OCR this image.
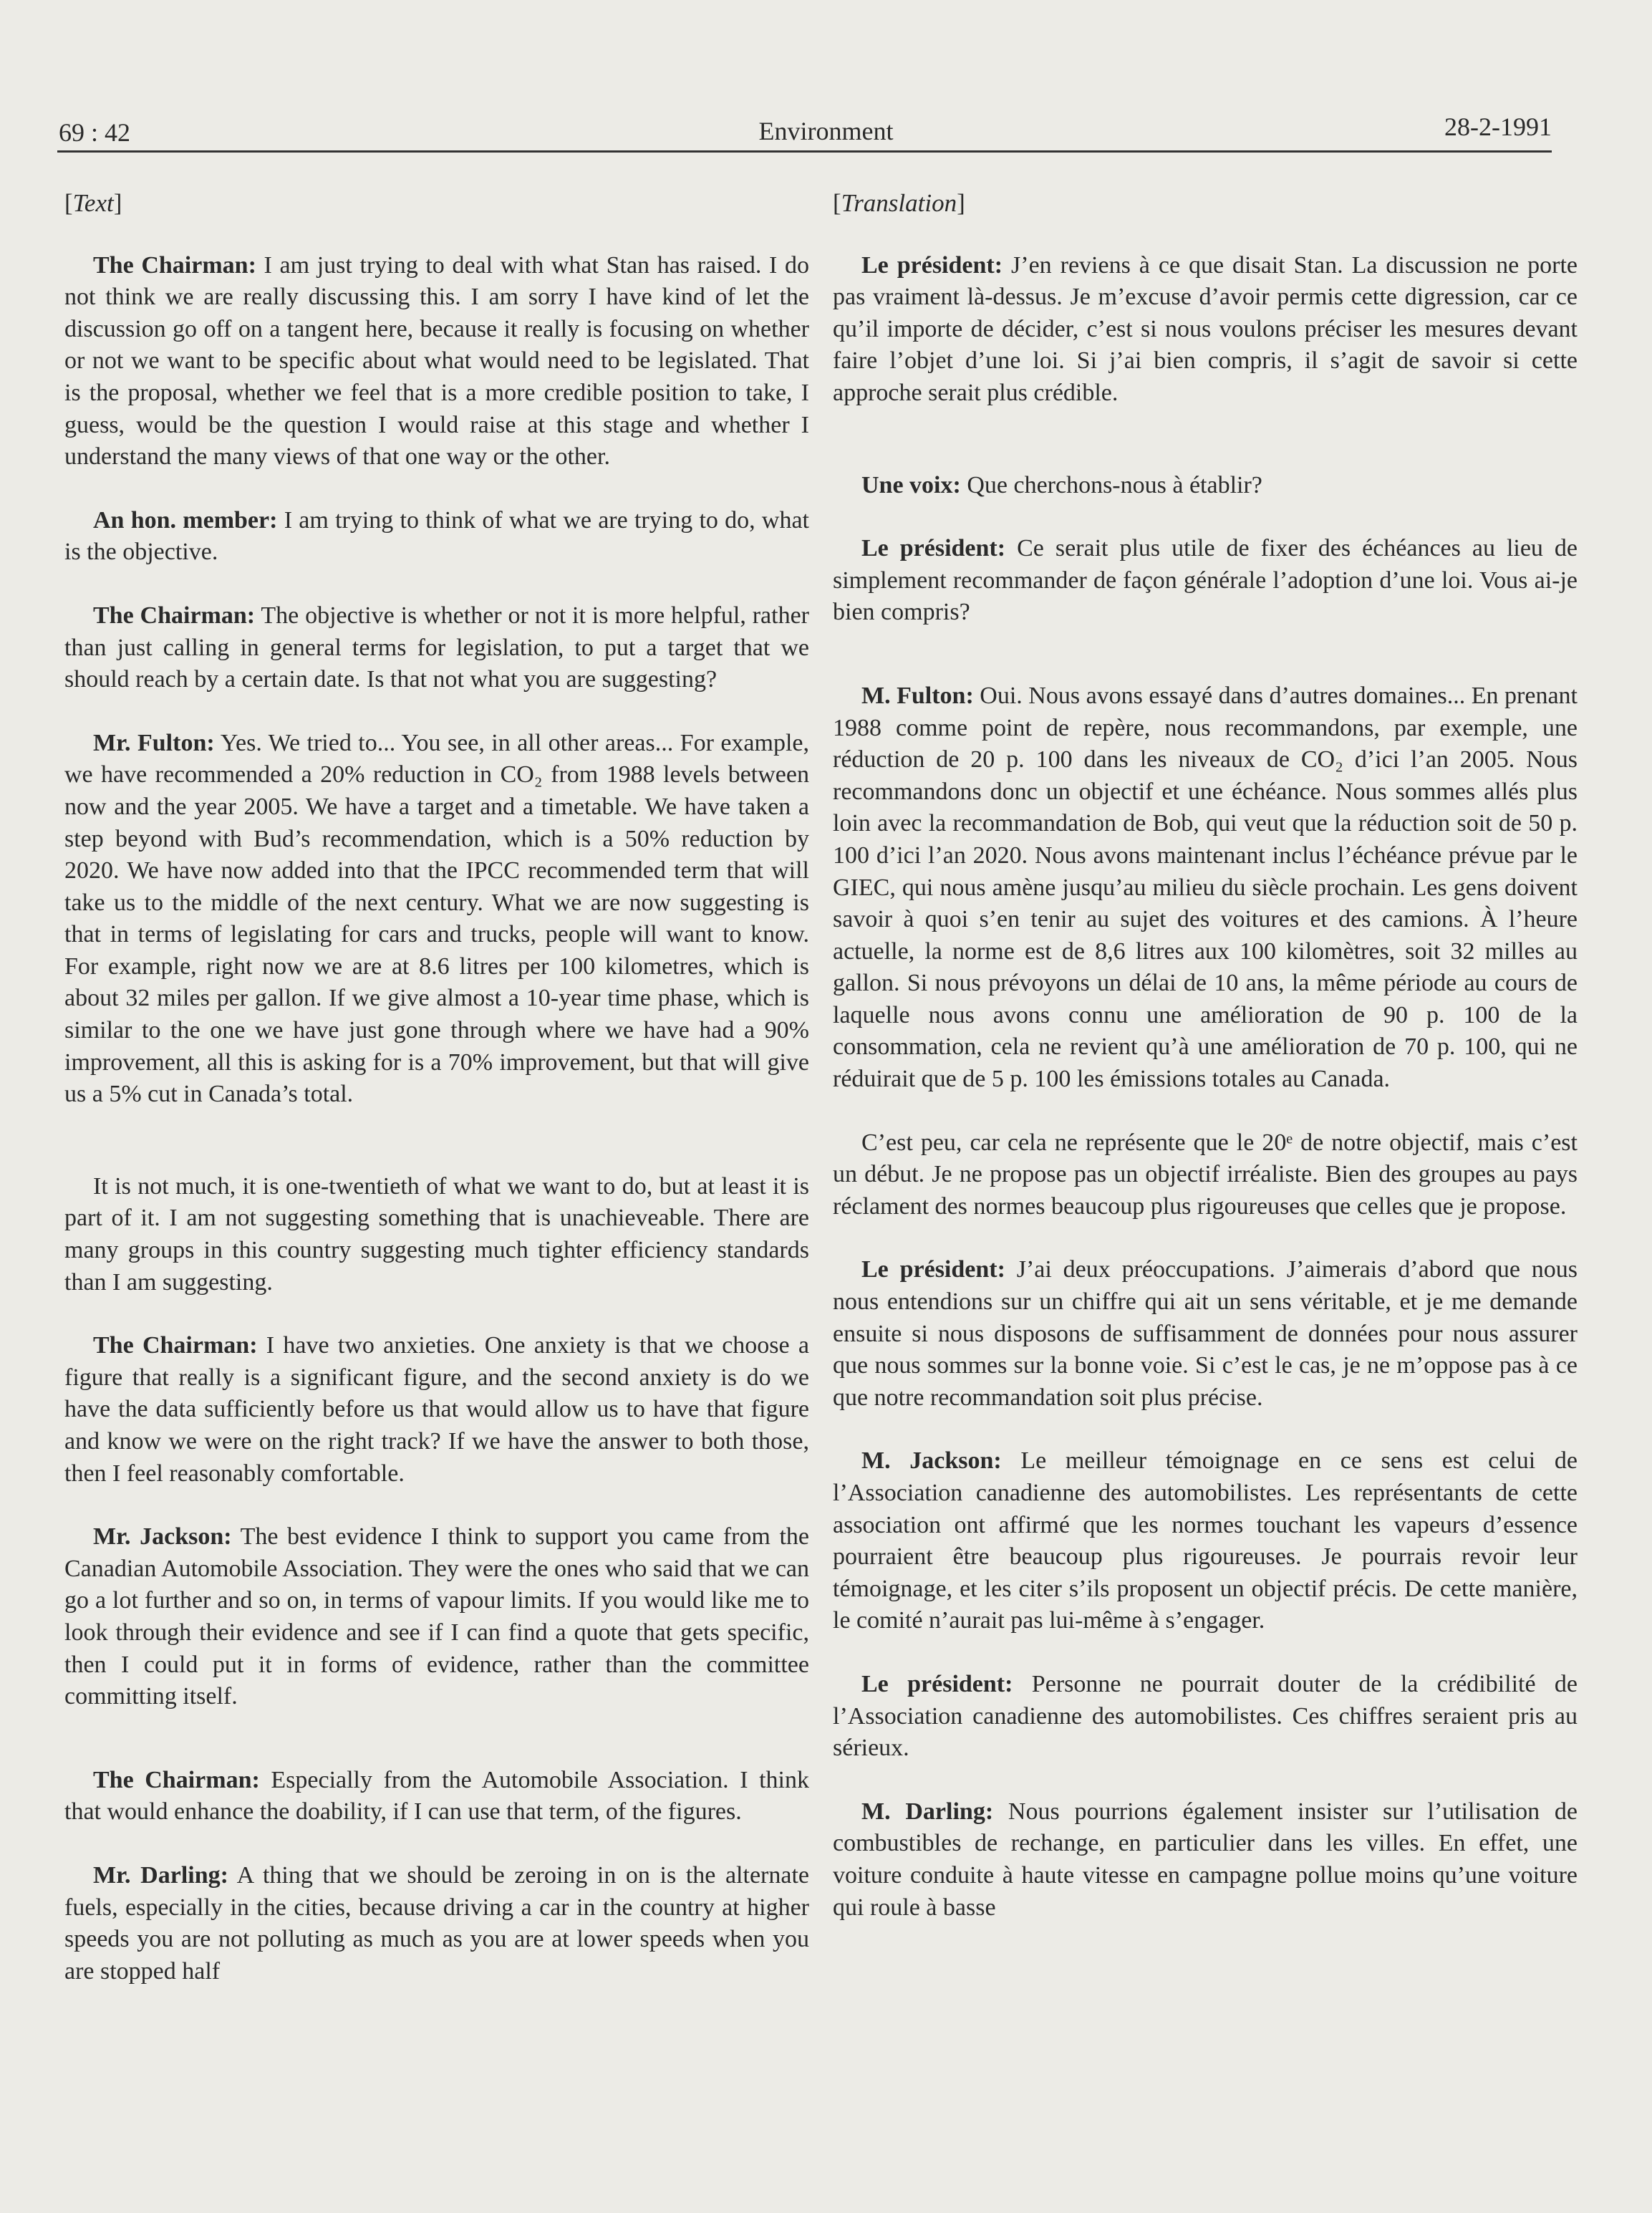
69 : 42	Environment	28-2-1991
[Text]

The Chairman: I am just trying to deal with what Stan has raised. I do not think we are really discussing this. I am sorry I have kind of let the discussion go off on a tangent here, because it really is focusing on whether or not we want to be specific about what would need to be legislated. That is the proposal, whether we feel that is a more credible position to take, I guess, would be the question I would raise at this stage and whether I understand the many views of that one way or the other.

An hon. member: I am trying to think of what we are trying to do, what is the objective.

The Chairman: The objective is whether or not it is more helpful, rather than just calling in general terms for legislation, to put a target that we should reach by a certain date. Is that not what you are suggesting?

Mr. Fulton: Yes. We tried to... You see, in all other areas... For example, we have recommended a 20% reduction in CO₂ from 1988 levels between now and the year 2005. We have a target and a timetable. We have taken a step beyond with Bud’s recommendation, which is a 50% reduction by 2020. We have now added into that the IPCC recommended term that will take us to the middle of the next century. What we are now suggesting is that in terms of legislating for cars and trucks, people will want to know. For example, right now we are at 8.6 litres per 100 kilometres, which is about 32 miles per gallon. If we give almost a 10-year time phase, which is similar to the one we have just gone through where we have had a 90% improvement, all this is asking for is a 70% improvement, but that will give us a 5% cut in Canada’s total.

It is not much, it is one-twentieth of what we want to do, but at least it is part of it. I am not suggesting something that is unachieveable. There are many groups in this country suggesting much tighter efficiency standards than I am suggesting.

The Chairman: I have two anxieties. One anxiety is that we choose a figure that really is a significant figure, and the second anxiety is do we have the data sufficiently before us that would allow us to have that figure and know we were on the right track? If we have the answer to both those, then I feel reasonably comfortable.

Mr. Jackson: The best evidence I think to support you came from the Canadian Automobile Association. They were the ones who said that we can go a lot further and so on, in terms of vapour limits. If you would like me to look through their evidence and see if I can find a quote that gets specific, then I could put it in forms of evidence, rather than the committee committing itself.

The Chairman: Especially from the Automobile Association. I think that would enhance the doability, if I can use that term, of the figures.

Mr. Darling: A thing that we should be zeroing in on is the alternate fuels, especially in the cities, because driving a car in the country at higher speeds you are not polluting as much as you are at lower speeds when you are stopped half

[Translation]

Le président: J’en reviens à ce que disait Stan. La discussion ne porte pas vraiment là-dessus. Je m’excuse d’avoir permis cette digression, car ce qu’il importe de décider, c’est si nous voulons préciser les mesures devant faire l’objet d’une loi. Si j’ai bien compris, il s’agit de savoir si cette approche serait plus crédible.

Une voix: Que cherchons-nous à établir?

Le président: Ce serait plus utile de fixer des échéances au lieu de simplement recommander de façon générale l’adoption d’une loi. Vous ai-je bien compris?

M. Fulton: Oui. Nous avons essayé dans d’autres domaines... En prenant 1988 comme point de repère, nous recommandons, par exemple, une réduction de 20 p. 100 dans les niveaux de CO₂ d’ici l’an 2005. Nous recommandons donc un objectif et une échéance. Nous sommes allés plus loin avec la recommandation de Bob, qui veut que la réduction soit de 50 p. 100 d’ici l’an 2020. Nous avons maintenant inclus l’échéance prévue par le GIEC, qui nous amène jusqu’au milieu du siècle prochain. Les gens doivent savoir à quoi s’en tenir au sujet des voitures et des camions. À l’heure actuelle, la norme est de 8,6 litres aux 100 kilomètres, soit 32 milles au gallon. Si nous prévoyons un délai de 10 ans, la même période au cours de laquelle nous avons connu une amélioration de 90 p. 100 de la consommation, cela ne revient qu’à une amélioration de 70 p. 100, qui ne réduirait que de 5 p. 100 les émissions totales au Canada.

C’est peu, car cela ne représente que le 20ᵉ de notre objectif, mais c’est un début. Je ne propose pas un objectif irréaliste. Bien des groupes au pays réclament des normes beaucoup plus rigoureuses que celles que je propose.

Le président: J’ai deux préoccupations. J’aimerais d’abord que nous nous entendions sur un chiffre qui ait un sens véritable, et je me demande ensuite si nous disposons de suffisamment de données pour nous assurer que nous sommes sur la bonne voie. Si c’est le cas, je ne m’oppose pas à ce que notre recommandation soit plus précise.

M. Jackson: Le meilleur témoignage en ce sens est celui de l’Association canadienne des automobilistes. Les représentants de cette association ont affirmé que les normes touchant les vapeurs d’essence pourraient être beaucoup plus rigoureuses. Je pourrais revoir leur témoignage, et les citer s’ils proposent un objectif précis. De cette manière, le comité n’aurait pas lui-même à s’engager.

Le président: Personne ne pourrait douter de la crédibilité de l’Association canadienne des automobilistes. Ces chiffres seraient pris au sérieux.

M. Darling: Nous pourrions également insister sur l’utilisation de combustibles de rechange, en particulier dans les villes. En effet, une voiture conduite à haute vitesse en campagne pollue moins qu’une voiture qui roule à basse
